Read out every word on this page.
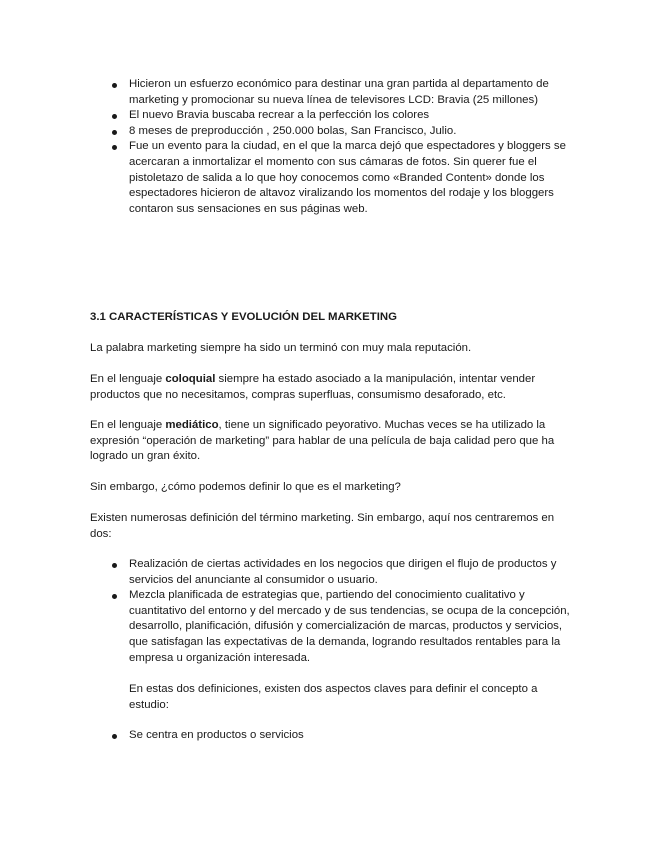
Hicieron un esfuerzo económico para destinar una gran partida al departamento de marketing y promocionar su nueva línea de televisores LCD: Bravia (25 millones)
El nuevo Bravia buscaba recrear a la perfección los colores
8 meses de preproducción , 250.000 bolas, San Francisco, Julio.
Fue un evento para la ciudad, en el que la marca dejó que espectadores y bloggers se acercaran a inmortalizar el momento con sus cámaras de fotos. Sin querer fue el pistoletazo de salida a lo que hoy conocemos como «Branded Content» donde los espectadores hicieron de altavoz viralizando los momentos del rodaje y los bloggers contaron sus sensaciones en sus páginas web.

3.1 CARACTERÍSTICAS Y EVOLUCIÓN DEL MARKETING

La palabra marketing siempre ha sido un terminó con muy mala reputación.

En el lenguaje coloquial siempre ha estado asociado a la manipulación, intentar vender productos que no necesitamos, compras superfluas, consumismo desaforado, etc.

En el lenguaje mediático, tiene un significado peyorativo. Muchas veces se ha utilizado la expresión “operación de marketing” para hablar de una película de baja calidad pero que ha logrado un gran éxito.

Sin embargo, ¿cómo podemos definir lo que es el marketing?

Existen numerosas definición del término marketing. Sin embargo, aquí nos centraremos en dos:

Realización de ciertas actividades en los negocios que dirigen el flujo de productos y servicios del anunciante al consumidor o usuario.
Mezcla planificada de estrategias que, partiendo del conocimiento cualitativo y cuantitativo del entorno y del mercado y de sus tendencias, se ocupa de la concepción, desarrollo, planificación, difusión y comercialización de marcas, productos y servicios, que satisfagan las expectativas de la demanda, logrando resultados rentables para la empresa u organización interesada.

En estas dos definiciones, existen dos aspectos claves para definir el concepto a estudio:

Se centra en productos o servicios
